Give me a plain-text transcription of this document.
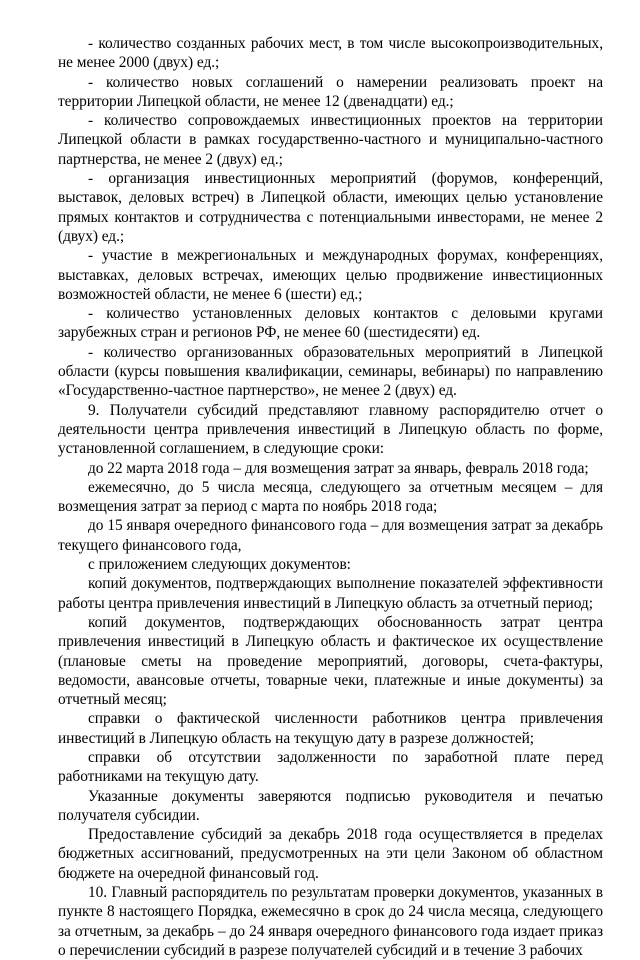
- количество созданных рабочих мест, в том числе высокопроизводительных, не менее 2000 (двух) ед.;

- количество новых соглашений о намерении реализовать проект на территории Липецкой области, не менее 12 (двенадцати) ед.;

- количество сопровождаемых инвестиционных проектов на территории Липецкой области в рамках государственно-частного и муниципально-частного партнерства, не менее 2 (двух) ед.;

- организация инвестиционных мероприятий (форумов, конференций, выставок, деловых встреч) в Липецкой области, имеющих целью установление прямых контактов и сотрудничества с потенциальными инвесторами, не менее 2 (двух) ед.;

- участие в межрегиональных и международных форумах, конференциях, выставках, деловых встречах, имеющих целью продвижение инвестиционных возможностей области, не менее 6 (шести) ед.;

- количество установленных деловых контактов с деловыми кругами зарубежных стран и регионов РФ, не менее 60 (шестидесяти) ед.

- количество организованных образовательных мероприятий в Липецкой области (курсы повышения квалификации, семинары, вебинары) по направлению «Государственно-частное партнерство», не менее 2 (двух) ед.

9. Получатели субсидий представляют главному распорядителю отчет о деятельности центра привлечения инвестиций в Липецкую область по форме, установленной соглашением, в следующие сроки:

до 22 марта 2018 года – для возмещения затрат за январь, февраль 2018 года;

ежемесячно, до 5 числа месяца, следующего за отчетным месяцем – для возмещения затрат за период с марта по ноябрь 2018 года;

до 15 января очередного финансового года – для возмещения затрат за декабрь текущего финансового года,

с приложением следующих документов:

копий документов, подтверждающих выполнение показателей эффективности работы центра привлечения инвестиций в Липецкую область за отчетный период;

копий документов, подтверждающих обоснованность затрат центра привлечения инвестиций в Липецкую область и фактическое их осуществление (плановые сметы на проведение мероприятий, договоры, счета-фактуры, ведомости, авансовые отчеты, товарные чеки, платежные и иные документы) за отчетный месяц;

справки о фактической численности работников центра привлечения инвестиций в Липецкую область на текущую дату в разрезе должностей;

справки об отсутствии задолженности по заработной плате перед работниками на текущую дату.

Указанные документы заверяются подписью руководителя и печатью получателя субсидии.

Предоставление субсидий за декабрь 2018 года осуществляется в пределах бюджетных ассигнований, предусмотренных на эти цели Законом об областном бюджете на очередной финансовый год.

10. Главный распорядитель по результатам проверки документов, указанных в пункте 8 настоящего Порядка, ежемесячно в срок до 24 числа месяца, следующего за отчетным, за декабрь – до 24 января очередного финансового года издает приказ о перечислении субсидий в разрезе получателей субсидий и в течение 3 рабочих
